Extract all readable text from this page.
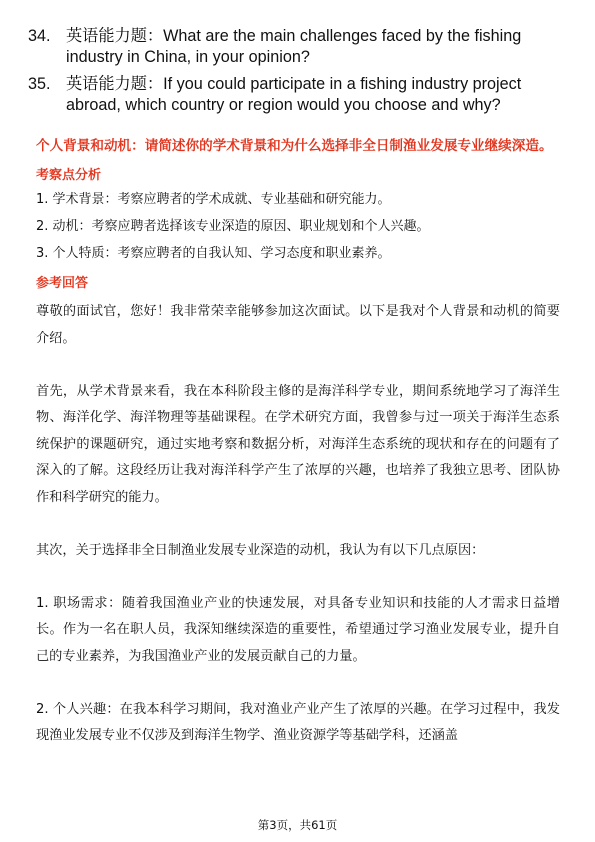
34. 英语能力题：What are the main challenges faced by the fishing industry in China, in your opinion?
35. 英语能力题：If you could participate in a fishing industry project abroad, which country or region would you choose and why?
个人背景和动机：请简述你的学术背景和为什么选择非全日制渔业发展专业继续深造。
考察点分析
1. 学术背景：考察应聘者的学术成就、专业基础和研究能力。
2. 动机：考察应聘者选择该专业深造的原因、职业规划和个人兴趣。
3. 个人特质：考察应聘者的自我认知、学习态度和职业素养。
参考回答

尊敬的面试官，您好！我非常荣幸能够参加这次面试。以下是我对个人背景和动机的简要介绍。

首先，从学术背景来看，我在本科阶段主修的是海洋科学专业，期间系统地学习了海洋生物、海洋化学、海洋物理等基础课程。在学术研究方面，我曾参与过一项关于海洋生态系统保护的课题研究，通过实地考察和数据分析，对海洋生态系统的现状和存在的问题有了深入的了解。这段经历让我对海洋科学产生了浓厚的兴趣，也培养了我独立思考、团队协作和科学研究的能力。

其次，关于选择非全日制渔业发展专业深造的动机，我认为有以下几点原因：

1. 职场需求：随着我国渔业产业的快速发展，对具备专业知识和技能的人才需求日益增长。作为一名在职人员，我深知继续深造的重要性，希望通过学习渔业发展专业，提升自己的专业素养，为我国渔业产业的发展贡献自己的力量。

2. 个人兴趣：在我本科学习期间，我对渔业产业产生了浓厚的兴趣。在学习过程中，我发现渔业发展专业不仅涉及到海洋生物学、渔业资源学等基础学科，还涵盖

第3页，共61页
